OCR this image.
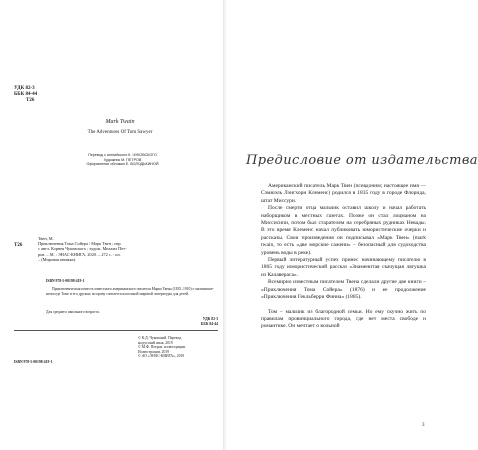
УДК 82-3
ББК 84-44
Т26
Mark Twain
The Adventures Of Tom Sawyer
Перевод с английского К. ЧУКОВСКОГО
Художник М. ПЕТРОВ
Оформление обложки Е. ВОЛОДЬКИНОЙ
Т26
Твен, М.
Приключения Тома Сойера / Марк Твен ; пер.
с англ. Корнея Чуковского ; худож. Михаил Пет-
ров. – М. : ЭНАС-КНИГА, 2020. – 272 с. : ил.
– (Мировая книжка).
ISBN 978-5-00198-419-1
Приключенческая повесть известного американского писателя Марка Твена (1835–1910) о мальчишке-непоседе Томе и его друзьях по праву считается классикой мировой литературы для детей.
Для среднего школьного возраста.
УДК 82-3
ББК 84-44
ISBN 978-5-00198-419-1
© К.Д. Чуковский. Перевод
на русский язык, 2019
© М.Ф. Петров, иллюстрации.
Иллюстрации, 2019
© АО «ЭНАС-КНИГА», 2019
Предисловие от издательства

Американский писатель Марк Твен (псевдоним; настоящее имя — Сэмюэль Лэнгхорн Клеменс) родился в 1835 году в городе Флорида, штат Миссури.

После смерти отца мальчик оставил школу и начал работать наборщиком в местных газетах. Позже он стал лоцманом на Миссисипи, потом был старателем на серебряных рудниках Невады. В это время Клеменс начал публиковать юмористические очерки и рассказы. Свои произведения он подписывал «Марк Твен» (mark twain, то есть «две морские сажени» – безопасный для судоходства уровень воды в реке).

Первый литературный успех принес начинающему писателю в 1865 году юмористический рассказ «Знаменитая скачущая лягушка из Калавераса».

Всемирно известным писателем Твена сделали другие две книги – «Приключения Тома Сойера» (1876) и ее продолжение «Приключения Гекльберри Финна» (1885).

Том – мальчик из благородной семьи. Но ему скучно жить по правилам провинциального города, где нет места свободе и романтике. Он мечтает о вольной

3
